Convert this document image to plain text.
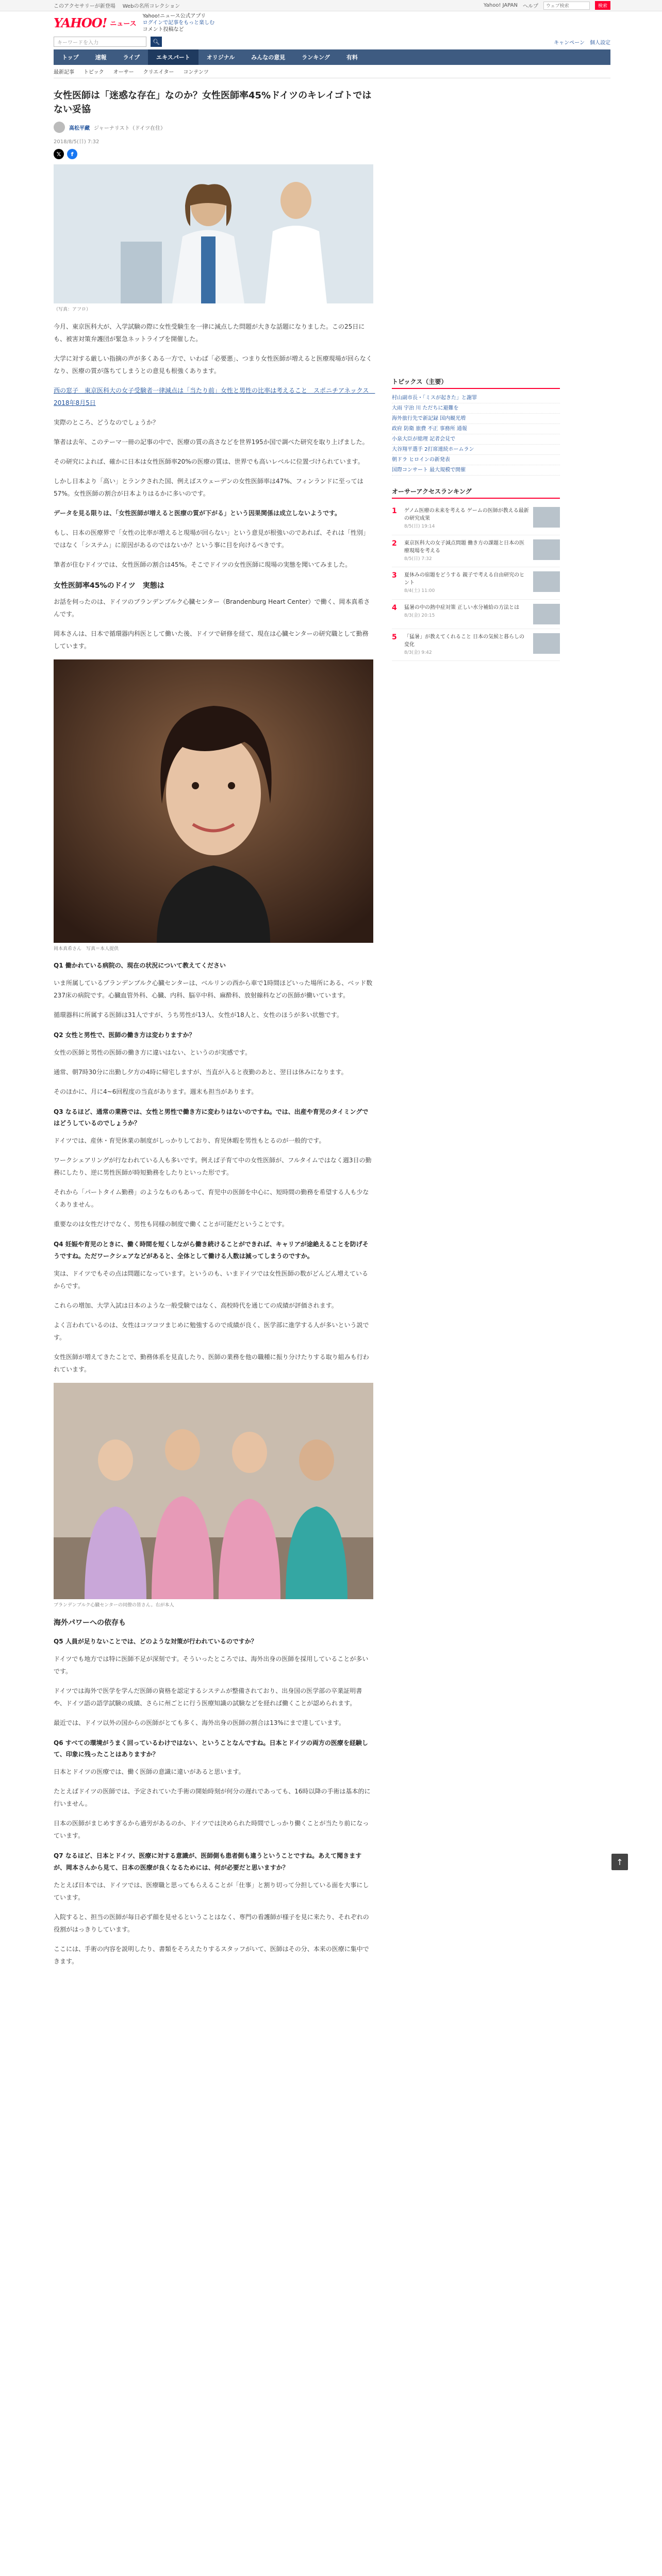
このアクセサリーが新登場 Webの名所コレクション	Yahoo! JAPAN ヘルプ
ウェブ検索	検索
YAHOO! ニュース
Yahoo!ニュース公式アプリ
ログインで記事をもっと楽しむ
コメント投稿など
キーワードを入力	🔍︎	キャンペーン 個人設定
トップ	速報	ライブ	エキスパート	オリジナル	みんなの意見	ランキング	有料
最新記事 トピック オーサー クリエイター コンテンツ
女性医師は「迷惑な存在」なのか？女性医師率45%ドイツのキレイゴトではない妥協
高松平藏 ジャーナリスト（ドイツ在住）
2018/8/5(日) 7:32
𝕏	f
（写真：アフロ）

今月、東京医科大が、入学試験の際に女性受験生を一律に減点した問題が大きな話題になりました。この25日にも、被害対策弁護団が緊急ネットライブを開催した。

大学に対する厳しい指摘の声が多くある一方で、いわば「必要悪」、つまり女性医師が増えると医療現場が回らなくなり、医療の質が落ちてしまうとの意見も根強くあります。

西の窓子　東京医科大の女子受験者一律減点は「当たり前」女性と男性の比率は考えること　スポニチアネックス　2018年8月5日

実際のところ、どうなのでしょうか？

筆者は去年、このテーマ一冊の記事の中で、医療の質の高さなどを世界195か国で調べた研究を取り上げました。

その研究によれば、確かに日本は女性医師率20%の医療の質は、世界でも高いレベルに位置づけられています。

しかし日本より「高い」とランクされた国、例えばスウェーデンの女性医師率は47%、フィンランドに至っては57%。女性医師の割合が日本よりはるかに多いのです。

データを見る限りは、「女性医師が増えると医療の質が下がる」という因果関係は成立しないようです。

もし、日本の医療界で「女性の比率が増えると現場が回らない」という意見が根強いのであれば、それは「性別」ではなく「システム」に原因があるのではないか？という事に目を向けるべきです。

筆者が住むドイツでは、女性医師の割合は45%。そこでドイツの女性医師に現場の実態を聞いてみました。

女性医師率45%のドイツ　実態は

お話を伺ったのは、ドイツのブランデンブルク心臓センター（Brandenburg Heart Center）で働く、岡本真希さんです。

岡本さんは、日本で循環器内科医として働いた後、ドイツで研修を経て、現在は心臓センターの研究職として勤務しています。

岡本真希さん　写真＝本人提供
Q1 働かれている病院の、現在の状況について教えてください

いま所属しているブランデンブルク心臓センターは、ベルリンの西から車で1時間ほどいった場所にある、ベッド数237床の病院です。心臓血管外科、心臓、内科、脳卒中科、麻酔科、放射線科などの医師が働いています。

循環器科に所属する医師は31人ですが、うち男性が13人、女性が18人と、女性のほうが多い状態です。

Q2 女性と男性で、医師の働き方は変わりますか？

女性の医師と男性の医師の働き方に違いはない、というのが実感です。

通常、朝7時30分に出勤し夕方の4時に帰宅しますが、当直が入ると夜勤のあと、翌日は休みになります。

そのほかに、月に4~6回程度の当直があります。週末も担当があります。

Q3 なるほど、通常の業務では、女性と男性で働き方に変わりはないのですね。では、出産や育児のタイミングではどうしているのでしょうか？

ドイツでは、産休・育児休業の制度がしっかりしており、育児休暇を男性もとるのが一般的です。

ワークシェアリングが行なわれている人も多いです。例えば子育て中の女性医師が、フルタイムではなく週3日の勤務にしたり、逆に男性医師が時短勤務をしたりといった形です。

それから「パートタイム勤務」のようなものもあって、育児中の医師を中心に、短時間の勤務を希望する人も少なくありません。

重要なのは女性だけでなく、男性も同様の制度で働くことが可能だということです。

Q4 妊娠や育児のときに、働く時間を短くしながら働き続けることができれば、キャリアが途絶えることを防げそうですね。ただワークシェアなどがあると、全体として働ける人数は減ってしまうのですか。

実は、ドイツでもその点は問題になっています。というのも、いまドイツでは女性医師の数がどんどん増えているからです。

これらの増加、大学入試は日本のような一般受験ではなく、高校時代を通じての成績が評価されます。

よく言われているのは、女性はコツコツまじめに勉強するので成績が良く、医学部に進学する人が多いという説です。

女性医師が増えてきたことで、勤務体系を見直したり、医師の業務を他の職種に振り分けたりする取り組みも行われています。

ブランデンブルク心臓センターの同僚の皆さん。右が本人
海外パワーへの依存も
Q5 人員が足りないことでは、どのような対策が行われているのですか？

ドイツでも地方では特に医師不足が深刻です。そういったところでは、海外出身の医師を採用していることが多いです。

ドイツでは海外で医学を学んだ医師の資格を認定するシステムが整備されており、出身国の医学部の卒業証明書や、ドイツ語の語学試験の成績、さらに州ごとに行う医療知識の試験などを経れば働くことが認められます。

最近では、ドイツ以外の国からの医師がとても多く、海外出身の医師の割合は13%にまで達しています。

Q6 すべての環境がうまく回っているわけではない、ということなんですね。日本とドイツの両方の医療を経験して、印象に残ったことはありますか？

日本とドイツの医療では、働く医師の意識に違いがあると思います。

たとえばドイツの医師では、予定されていた手術の開始時刻が何分の遅れであっても、16時以降の手術は基本的に行いません。

日本の医師がまじめすぎるから過労があるのか、ドイツでは決められた時間でしっかり働くことが当たり前になっています。

Q7 なるほど、日本とドイツ、医療に対する意識が、医師側も患者側も違うということですね。あえて聞きますが、岡本さんから見て、日本の医療が良くなるためには、何が必要だと思いますか？

たとえば日本では、ドイツでは、医療職と思ってもらえることが「仕事」と割り切って分担している面を大事にしています。

入院すると、担当の医師が毎日必ず顔を見せるということはなく、専門の看護師が様子を見に来たり、それぞれの役割がはっきりしています。

ここには、手術の内容を説明したり、書類をそろえたりするスタッフがいて、医師はその分、本来の医療に集中できます。

トピックス（主要）
村山副市長・「ミスが起きた」と謝罪
大雨 宇治 川 ただちに避難を
海外旅行先で新記録 国内観光増
政府 防衛 旅費 不正 事務所 通報
小泉大臣が総理 記者会見で
大谷翔平選手 2打席連続ホームラン
朝ドラ ヒロインの新発表
国際コンサート 最大規模で開催
オーサーアクセスランキング
1	ゲノム医療の未来を考える ゲームの医師が教える最新の研究成果
8/5(日) 19:14
2	東京医科大の女子減点問題 働き方の課題と日本の医療現場を考える
8/5(日) 7:32
3	夏休みの宿題をどうする 親子で考える自由研究のヒント
8/4(土) 11:00
4	猛暑の中の熱中症対策 正しい水分補給の方法とは
8/3(金) 20:15
5	「猛暑」が教えてくれること 日本の気候と暮らしの変化
8/3(金) 9:42
↑
